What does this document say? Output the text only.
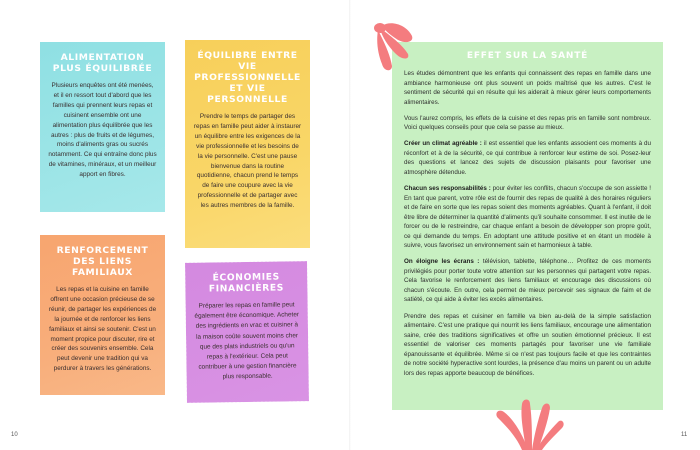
ALIMENTATION PLUS ÉQUILIBRÉE

Plusieurs enquêtes ont été menées, et il en ressort tout d'abord que les familles qui prennent leurs repas et cuisinent ensemble ont une alimentation plus équilibrée que les autres : plus de fruits et de légumes, moins d'aliments gras ou sucrés notamment. Ce qui entraîne donc plus de vitamines, minéraux, et un meilleur apport en fibres.

ÉQUILIBRE ENTRE VIE PROFESSIONNELLE ET VIE PERSONNELLE

Prendre le temps de partager des repas en famille peut aider à instaurer un équilibre entre les exigences de la vie professionnelle et les besoins de la vie personnelle. C'est une pause bienvenue dans la routine quotidienne, chacun prend le temps de faire une coupure avec la vie professionnelle et de partager avec les autres membres de la famille.

RENFORCEMENT DES LIENS FAMILIAUX

Les repas et la cuisine en famille offrent une occasion précieuse de se réunir, de partager les expériences de la journée et de renforcer les liens familiaux et ainsi se soutenir. C'est un moment propice pour discuter, rire et créer des souvenirs ensemble. Cela peut devenir une tradition qui va perdurer à travers les générations.

ÉCONOMIES FINANCIÈRES

Préparer les repas en famille peut également être économique. Acheter des ingrédients en vrac et cuisiner à la maison coûte souvent moins cher que des plats industriels ou qu'un repas à l'extérieur. Cela peut contribuer à une gestion financière plus responsable.

10
EFFET SUR LA SANTÉ

Les études démontrent que les enfants qui connaissent des repas en famille dans une ambiance harmonieuse ont plus souvent un poids maîtrisé que les autres. C'est le sentiment de sécurité qui en résulte qui les aiderait à mieux gérer leurs comportements alimentaires.

Vous l'aurez compris, les effets de la cuisine et des repas pris en famille sont nombreux. Voici quelques conseils pour que cela se passe au mieux.

Créer un climat agréable : il est essentiel que les enfants associent ces moments à du réconfort et à de la sécurité, ce qui contribue à renforcer leur estime de soi. Posez-leur des questions et lancez des sujets de discussion plaisants pour favoriser une atmosphère détendue.

Chacun ses responsabilités : pour éviter les conflits, chacun s'occupe de son assiette ! En tant que parent, votre rôle est de fournir des repas de qualité à des horaires réguliers et de faire en sorte que les repas soient des moments agréables. Quant à l'enfant, il doit être libre de déterminer la quantité d'aliments qu'il souhaite consommer. Il est inutile de le forcer ou de le restreindre, car chaque enfant a besoin de développer son propre goût, ce qui demande du temps. En adoptant une attitude positive et en étant un modèle à suivre, vous favorisez un environnement sain et harmonieux à table.

On éloigne les écrans : télévision, tablette, téléphone… Profitez de ces moments privilégiés pour porter toute votre attention sur les personnes qui partagent votre repas. Cela favorise le renforcement des liens familiaux et encourage des discussions où chacun s'écoute. En outre, cela permet de mieux percevoir ses signaux de faim et de satiété, ce qui aide à éviter les excès alimentaires.

Prendre des repas et cuisiner en famille va bien au-delà de la simple satisfaction alimentaire. C'est une pratique qui nourrit les liens familiaux, encourage une alimentation saine, crée des traditions significatives et offre un soutien émotionnel précieux. Il est essentiel de valoriser ces moments partagés pour favoriser une vie familiale épanouissante et équilibrée. Même si ce n'est pas toujours facile et que les contraintes de notre société hyperactive sont lourdes, la présence d'au moins un parent ou un adulte lors des repas apporte beaucoup de bénéfices.

11
